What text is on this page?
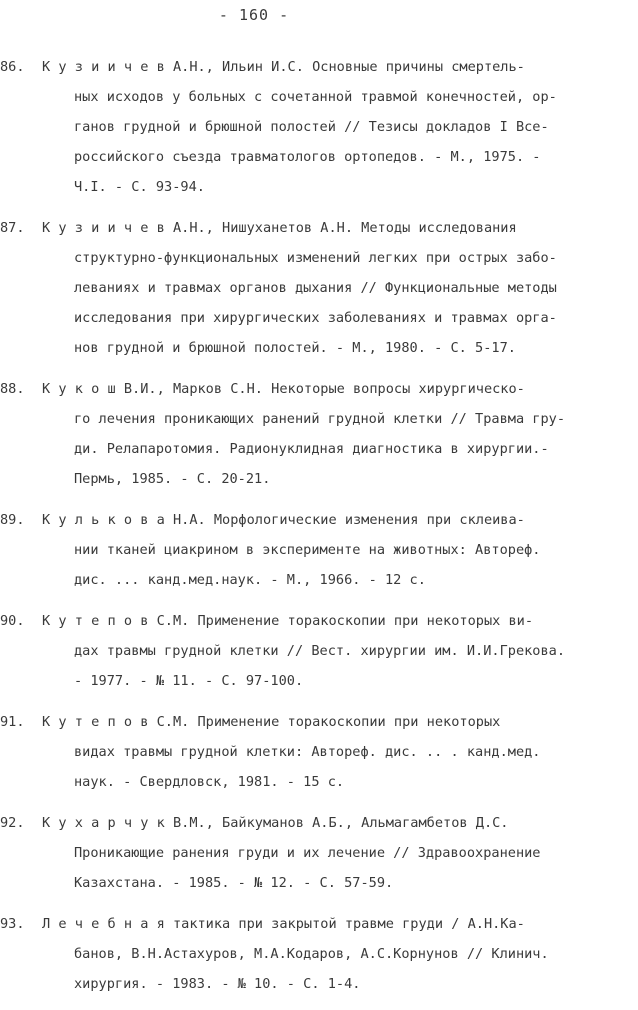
- 160 -
86. К у з и и ч е в А.Н., Ильин И.С. Основные причины смертель-
ных исходов у больных с сочетанной травмой конечностей, ор-
ганов грудной и брюшной полостей // Тезисы докладов I Все-
российского съезда травматологов ортопедов. - М., 1975. -
Ч.I. - С. 93-94.
87. К у з и и ч е в А.Н., Нишуханетов А.Н. Методы исследования
структурно-функциональных изменений легких при острых забо-
леваниях и травмах органов дыхания // Функциональные методы
исследования при хирургических заболеваниях и травмах орга-
нов грудной и брюшной полостей. - М., 1980. - С. 5-17.
88. К у к о ш В.И., Марков С.Н. Некоторые вопросы хирургическо-
го лечения проникающих ранений грудной клетки // Травма гру-
ди. Релапаротомия. Радионуклидная диагностика в хирургии.-
Пермь, 1985. - С. 20-21.
89. К у л ь к о в а Н.А. Морфологические изменения при склеива-
нии тканей циакрином в эксперименте на животных: Автореф.
дис. ... канд.мед.наук. - М., 1966. - 12 с.
90. К у т е п о в С.М. Применение торакоскопии при некоторых ви-
дах травмы грудной клетки // Вест. хирургии им. И.И.Грекова.
- 1977. - № 11. - С. 97-100.
91. К у т е п о в С.М. Применение торакоскопии при некоторых
видах травмы грудной клетки: Автореф. дис. .. . канд.мед.
наук. - Свердловск, 1981. - 15 с.
92. К у х а р ч у к В.М., Байкуманов А.Б., Альмагамбетов Д.С.
Проникающие ранения груди и их лечение // Здравоохранение
Казахстана. - 1985. - № 12. - С. 57-59.
93. Л е ч е б н а я тактика при закрытой травме груди / А.Н.Ка-
банов, В.Н.Астахуров, М.А.Кодаров, А.С.Корнунов // Клинич.
хирургия. - 1983. - № 10. - С. 1-4.
